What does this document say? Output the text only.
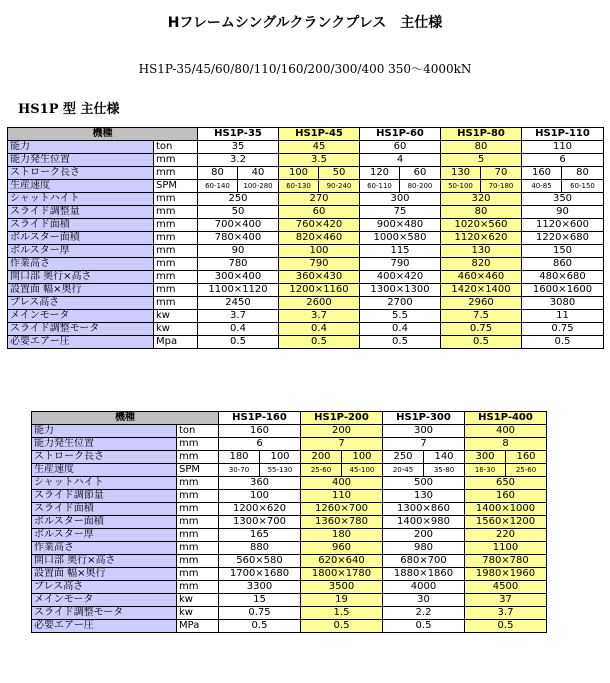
Hフレームシングルクランクプレス　主仕様
HS1P-35/45/60/80/110/160/200/300/400 350～4000kN
HS1P 型 主仕様
機種		HS1P-35		HS1P-45		HS1P-60		HS1P-80		HS1P-110	
能力	ton	35		45		60		80		110	
能力発生位置	mm	3.2		3.5		4		5		6	
ストローク長さ	mm	80	40	100	50	120	60	130	70	160	80
生産速度	SPM	60-140	100-280	60-130	90-240	60-110	80-200	50-100	70-180	40-85	60-150
シャットハイト	mm	250		270		300		320		350	
スライド調整量	mm	50		60		75		80		90	
スライド面積	mm	700×400		760×420		900×480		1020×560		1120×600	
ボルスター面積	mm	780×400		820×460		1000×580		1120×620		1220×680	
ボルスター厚	mm	90		100		115		130		150	
作業高さ	mm	780		790		790		820		860	
開口部 奥行×高さ	mm	300×400		360×430		400×420		460×460		480×680	
設置面 幅×奥行	mm	1100×1120		1200×1160		1300×1300		1420×1400		1600×1600	
プレス高さ	mm	2450		2600		2700		2960		3080	
メインモータ	kw	3.7		3.7		5.5		7.5		11	
スライド調整モータ	kw	0.4		0.4		0.4		0.75		0.75	
必要エアー圧	Mpa	0.5		0.5		0.5		0.5		0.5	
機種		HS1P-160		HS1P-200		HS1P-300		HS1P-400	
能力	ton	160		200		300		400	
能力発生位置	mm	6		7		7		8	
ストローク長さ	mm	180	100	200	100	250	140	300	160
生産速度	SPM	30-70	55-130	25-60	45-100	20-45	35-80	16-30	25-60
シャットハイト	mm	360		400		500		650	
スライド調節量	mm	100		110		130		160	
スライド面積	mm	1200×620		1260×700		1300×860		1400×1000	
ボルスター面積	mm	1300×700		1360×780		1400×980		1560×1200	
ボルスター厚	mm	165		180		200		220	
作業高さ	mm	880		960		980		1100	
開口部 奥行×高さ	mm	560×580		620×640		680×700		780×780	
設置面 幅×奥行	mm	1700×1680		1800×1780		1880×1860		1980×1960	
プレス高さ	mm	3300		3500		4000		4500	
メインモータ	kw	15		19		30		37	
スライド調整モータ	kw	0.75		1.5		2.2		3.7	
必要エアー圧	MPa	0.5		0.5		0.5		0.5	
